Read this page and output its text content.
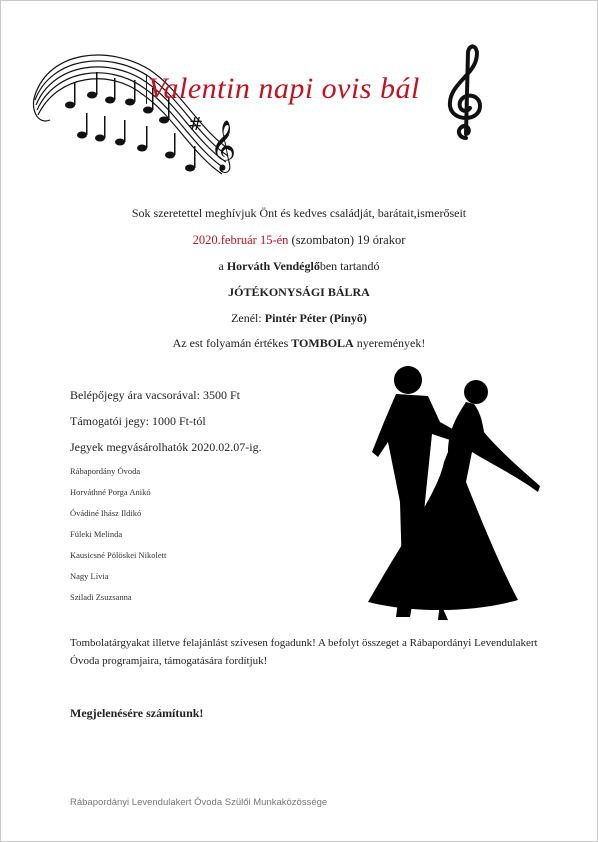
# 𝄞
Valentin napi ovis bál
Sok szeretettel meghívjuk Önt és kedves családját, barátait,ismerőseit
2020.február 15-én (szombaton) 19 órakor
a Horváth Vendéglőben tartandó
JÓTÉKONYSÁGI BÁLRA
Zenél: Pintér Péter (Pinyő)
Az est folyamán értékes TOMBOLA nyeremények!
Belépőjegy ára vacsorával: 3500 Ft
Támogatói jegy: 1000 Ft-tól
Jegyek megvásárolhatók 2020.02.07-ig.
Rábapordány Óvoda
Horváthné Porga Anikó
Óvádiné Ihász Ildikó
Füleki Melinda
Kausicsné Pölöskei Nikolett
Nagy Lívia
Sziladi Zsuzsanna
Tombolatárgyakat illetve felajánlást szívesen fogadunk! A befolyt összeget a Rábapordányi Levendulakert Óvoda programjaira, támogatására fordítjuk!
Megjelenésére számítunk!
Rábapordányi Levendulakert Óvoda Szülői Munkaközössége
